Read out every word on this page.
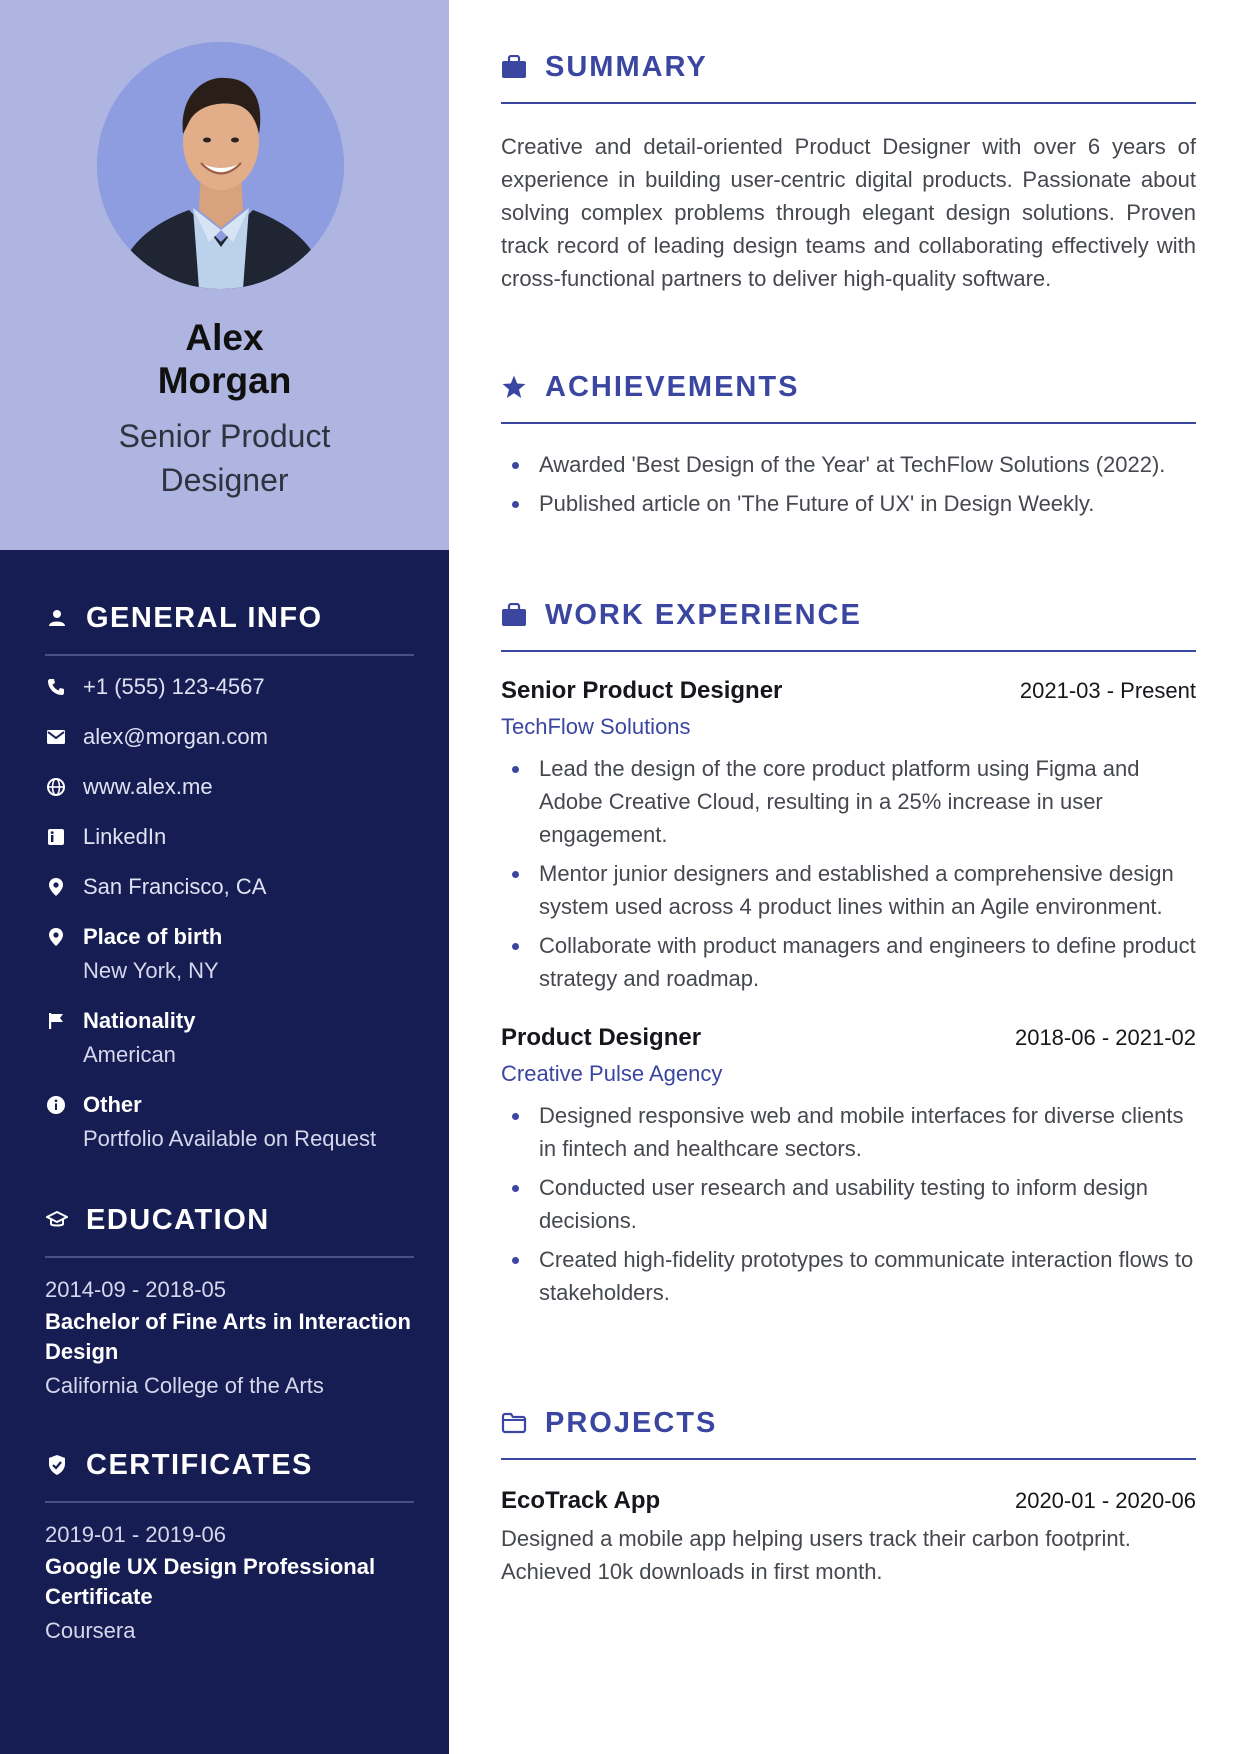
Alex
Morgan
Senior Product Designer
GENERAL INFO
+1 (555) 123-4567
alex@morgan.com
www.alex.me
LinkedIn
San Francisco, CA
Place of birth
New York, NY
Nationality
American
Other
Portfolio Available on Request
EDUCATION
2014-09 - 2018-05
Bachelor of Fine Arts in Interaction Design
California College of the Arts
CERTIFICATES
2019-01 - 2019-06
Google UX Design Professional Certificate
Coursera
SUMMARY

Creative and detail-oriented Product Designer with over 6 years of experience in building user-centric digital products. Passionate about solving complex problems through elegant design solutions. Proven track record of leading design teams and collaborating effectively with cross-functional partners to deliver high-quality software.

ACHIEVEMENTS
Awarded 'Best Design of the Year' at TechFlow Solutions (2022).
Published article on 'The Future of UX' in Design Weekly.
WORK EXPERIENCE
Senior Product Designer	2021-03 - Present
TechFlow Solutions
Lead the design of the core product platform using Figma and Adobe Creative Cloud, resulting in a 25% increase in user engagement.
Mentor junior designers and established a comprehensive design system used across 4 product lines within an Agile environment.
Collaborate with product managers and engineers to define product strategy and roadmap.
Product Designer	2018-06 - 2021-02
Creative Pulse Agency
Designed responsive web and mobile interfaces for diverse clients in fintech and healthcare sectors.
Conducted user research and usability testing to inform design decisions.
Created high-fidelity prototypes to communicate interaction flows to stakeholders.
PROJECTS
EcoTrack App	2020-01 - 2020-06

Designed a mobile app helping users track their carbon footprint. Achieved 10k downloads in first month.
